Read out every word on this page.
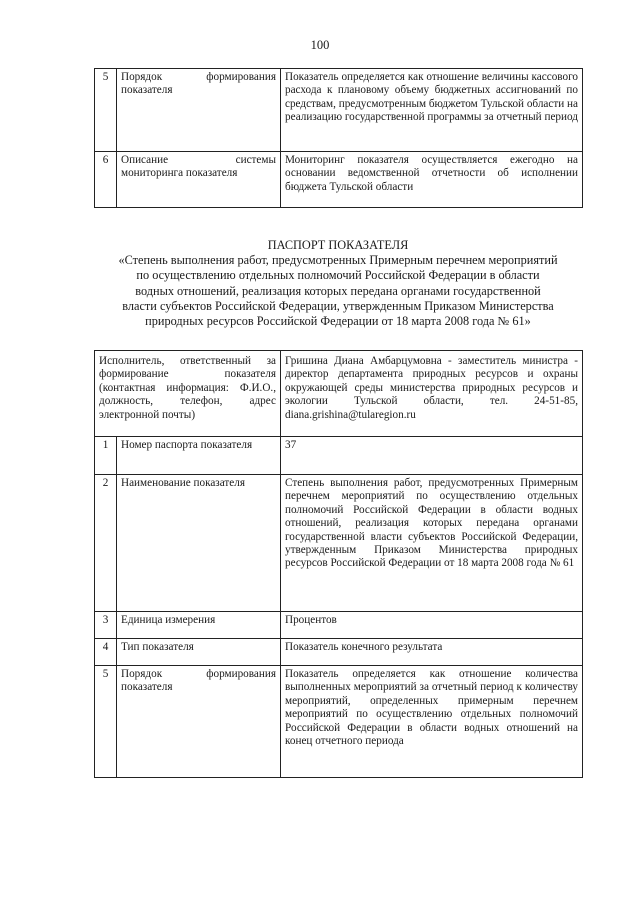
100
5	Порядок формирования показателя	Показатель определяется как отношение величины кассового расхода к плановому объему бюджетных ассигнований по средствам, предусмотренным бюджетом Тульской области на реализацию государственной программы за отчетный период
6	Описание системы мониторинга показателя	Мониторинг показателя осуществляется ежегодно на основании ведомственной отчетности об исполнении бюджета Тульской области
ПАСПОРТ ПОКАЗАТЕЛЯ
«Степень выполнения работ, предусмотренных Примерным перечнем мероприятий
по осуществлению отдельных полномочий Российской Федерации в области
водных отношений, реализация которых передана органами государственной
власти субъектов Российской Федерации, утвержденным Приказом Министерства
природных ресурсов Российской Федерации от 18 марта 2008 года № 61»
Исполнитель, ответственный за формирование показателя (контактная информация: Ф.И.О., должность, телефон, адрес электронной почты)		Гришина Диана Амбарцумовна - заместитель министра - директор департамента природных ресурсов и охраны окружающей среды министерства природных ресурсов и экологии Тульской области, тел. 24-51-85, diana.grishina@tularegion.ru
1	Номер паспорта показателя	37
2	Наименование показателя	Степень выполнения работ, предусмотренных Примерным перечнем мероприятий по осуществлению отдельных полномочий Российской Федерации в области водных отношений, реализация которых передана органами государственной власти субъектов Российской Федерации, утвержденным Приказом Министерства природных ресурсов Российской Федерации от 18 марта 2008 года № 61
3	Единица измерения	Процентов
4	Тип показателя	Показатель конечного результата
5	Порядок формирования показателя	Показатель определяется как отношение количества выполненных мероприятий за отчетный период к количеству мероприятий, определенных примерным перечнем мероприятий по осуществлению отдельных полномочий Российской Федерации в области водных отношений на конец отчетного периода
